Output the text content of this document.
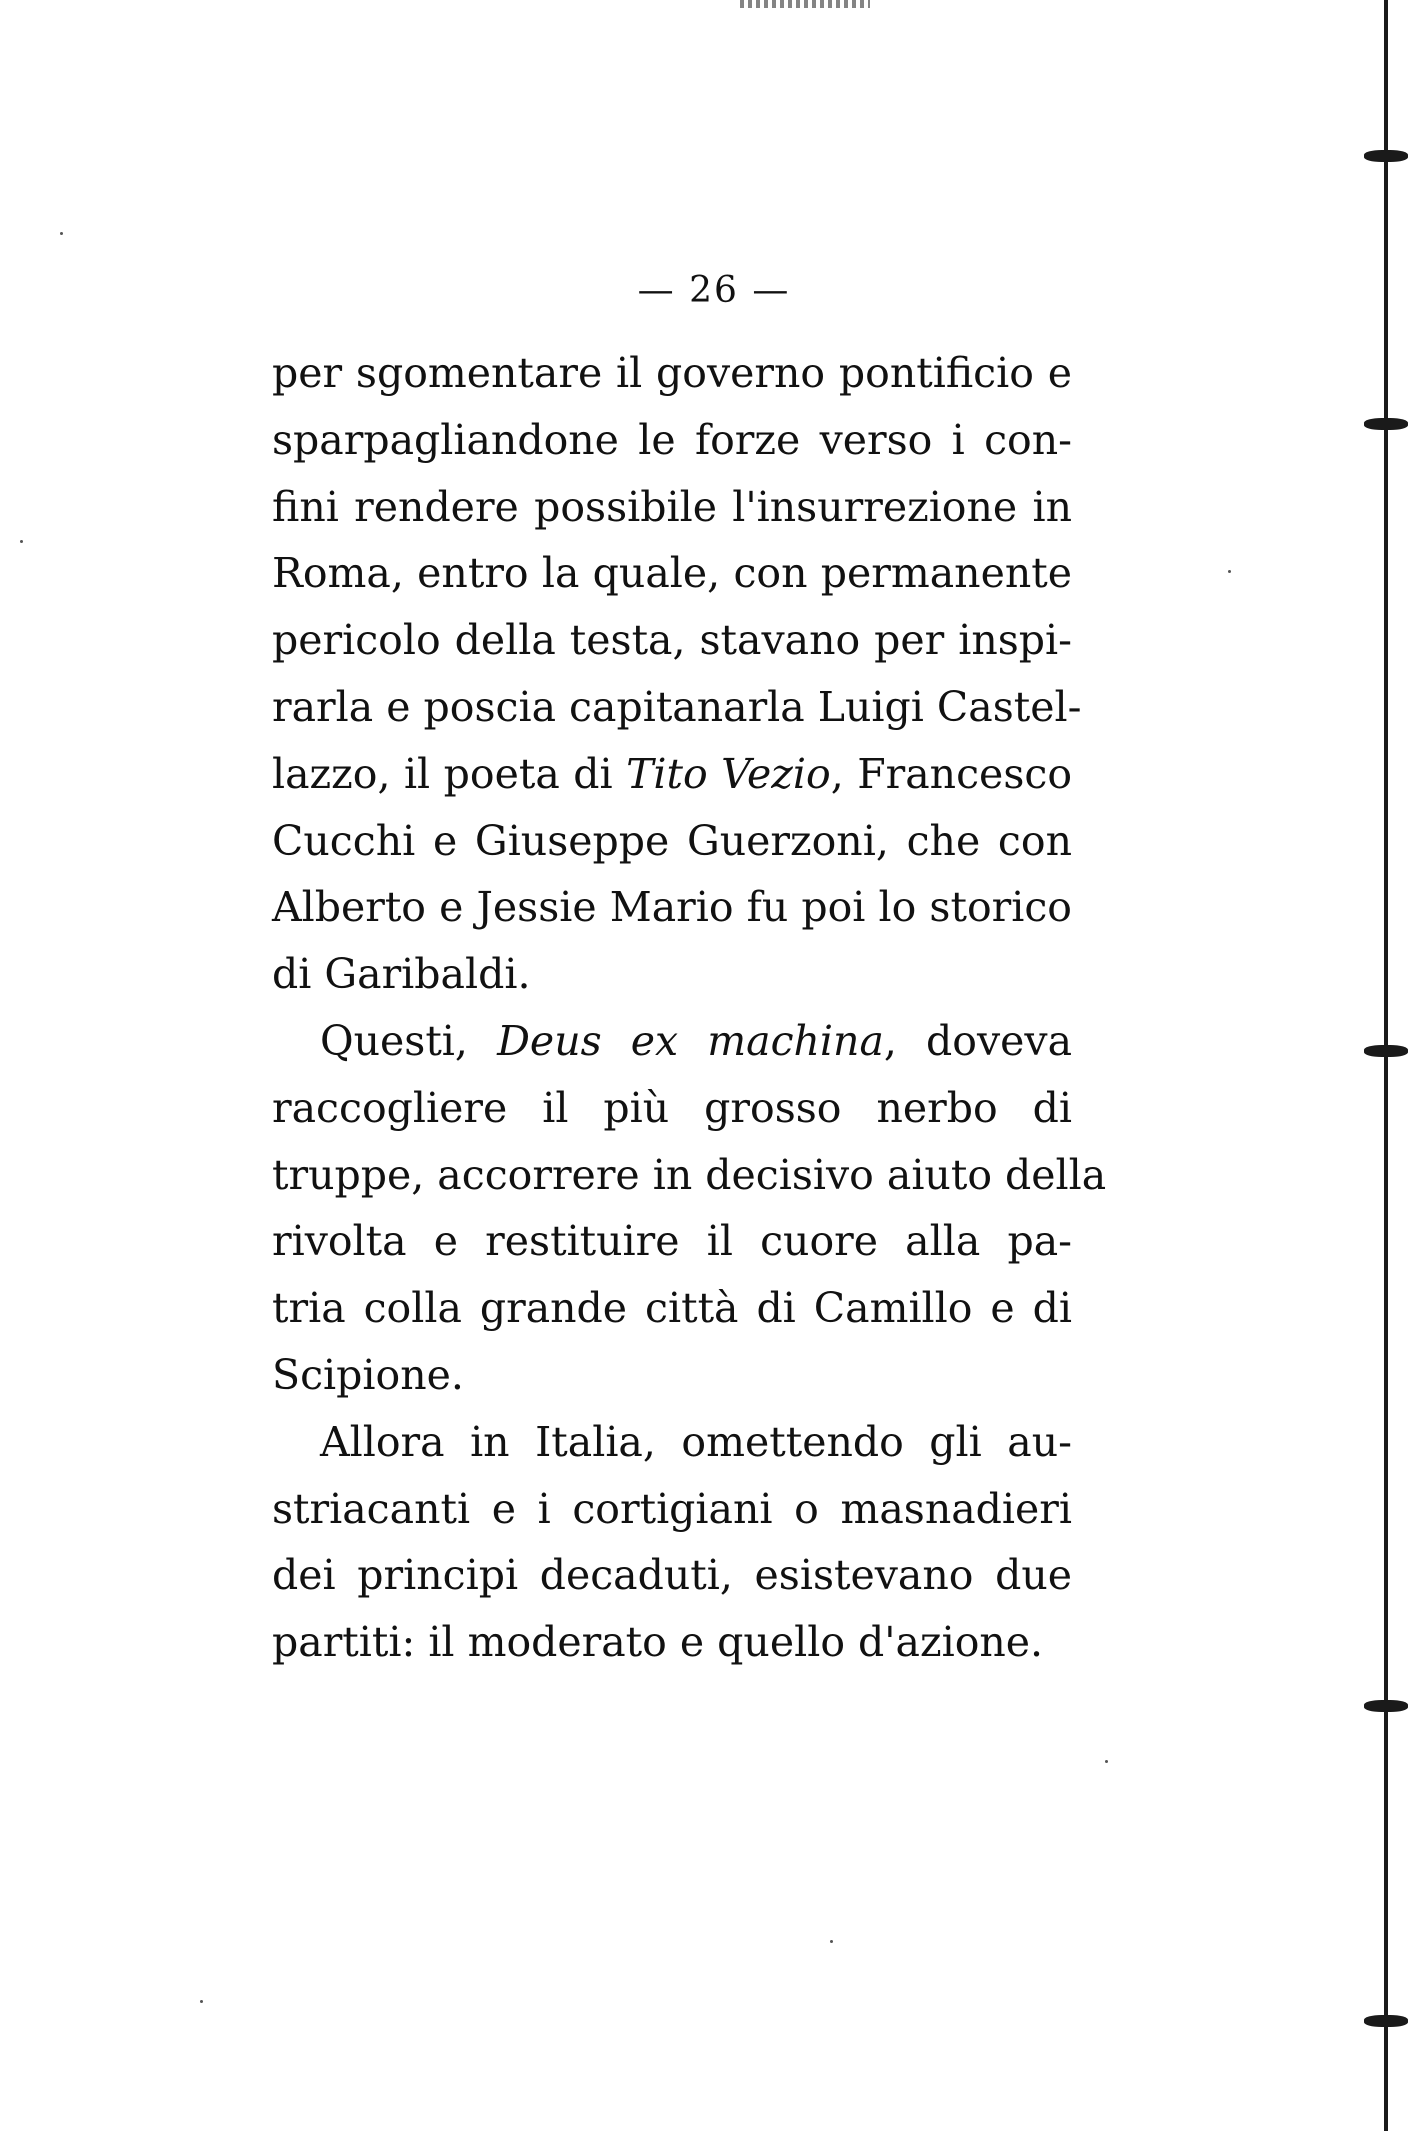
— 26 —
per sgomentare il governo pontificio e
sparpagliandone le forze verso i con-
fini rendere possibile l'insurrezione in
Roma, entro la quale, con permanente
pericolo della testa, stavano per inspi-
rarla e poscia capitanarla Luigi Castel-
lazzo, il poeta di Tito Vezio, Francesco
Cucchi e Giuseppe Guerzoni, che con
Alberto e Jessie Mario fu poi lo storico
di Garibaldi.
Questi, Deus ex machina, doveva
raccogliere il più grosso nerbo di
truppe, accorrere in decisivo aiuto della
rivolta e restituire il cuore alla pa-
tria colla grande città di Camillo e di
Scipione.
Allora in Italia, omettendo gli au-
striacanti e i cortigiani o masnadieri
dei principi decaduti, esistevano due
partiti: il moderato e quello d'azione.
